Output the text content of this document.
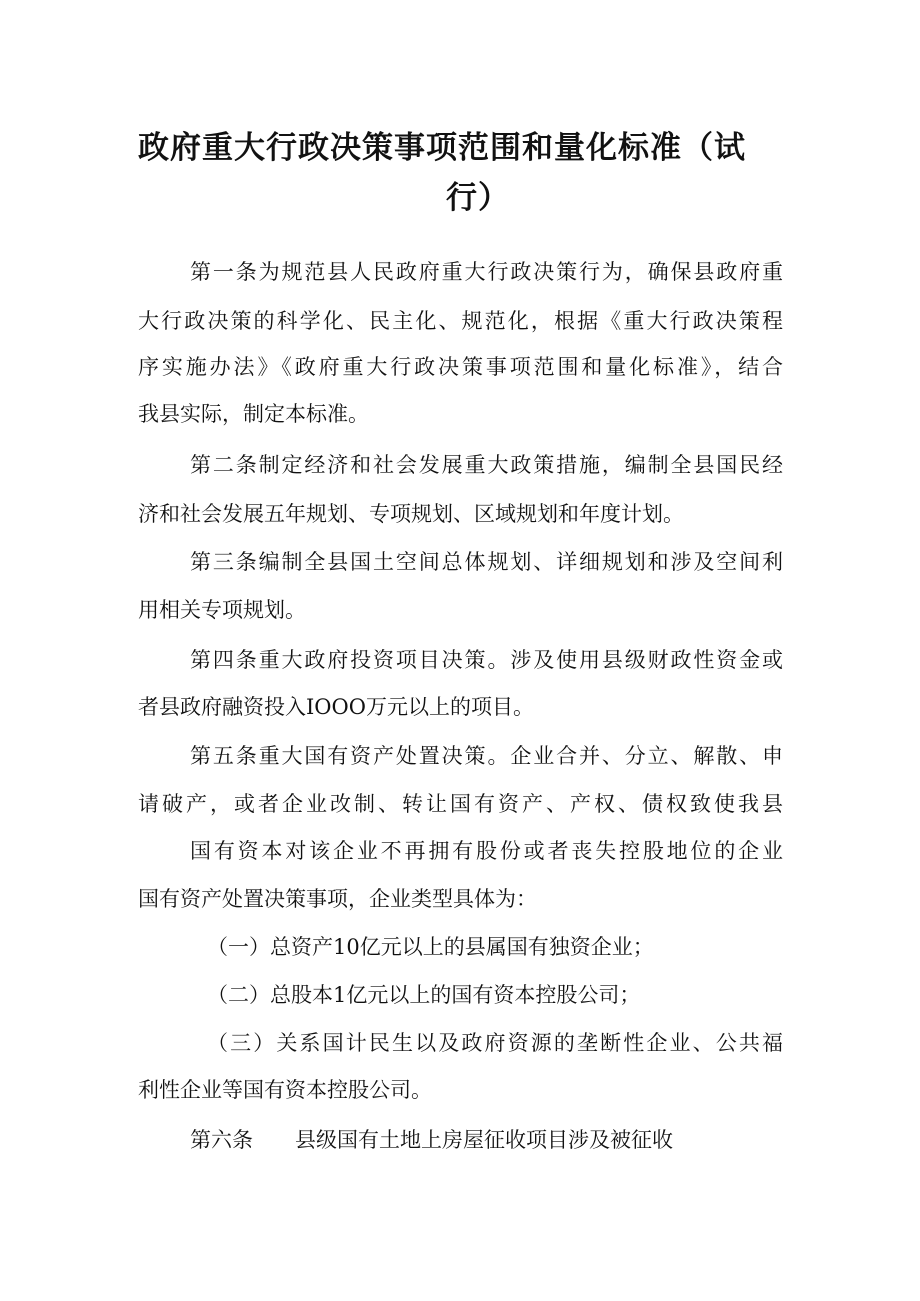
政府重大行政决策事项范围和量化标准（试
行）
第一条为规范县人民政府重大行政决策行为，确保县政府重
大行政决策的科学化、民主化、规范化，根据《重大行政决策程
序实施办法》《政府重大行政决策事项范围和量化标准》，结合
我县实际，制定本标准。
第二条制定经济和社会发展重大政策措施，编制全县国民经
济和社会发展五年规划、专项规划、区域规划和年度计划。
第三条编制全县国土空间总体规划、详细规划和涉及空间利
用相关专项规划。
第四条重大政府投资项目决策。涉及使用县级财政性资金或
者县政府融资投入IOOO万元以上的项目。
第五条重大国有资产处置决策。企业合并、分立、解散、申
请破产，或者企业改制、转让国有资产、产权、债权致使我县
国有资本对该企业不再拥有股份或者丧失控股地位的企业
国有资产处置决策事项，企业类型具体为：
（一）总资产10亿元以上的县属国有独资企业；
（二）总股本1亿元以上的国有资本控股公司；
（三）关系国计民生以及政府资源的垄断性企业、公共福
利性企业等国有资本控股公司。
第六条　　县级国有土地上房屋征收项目涉及被征收
